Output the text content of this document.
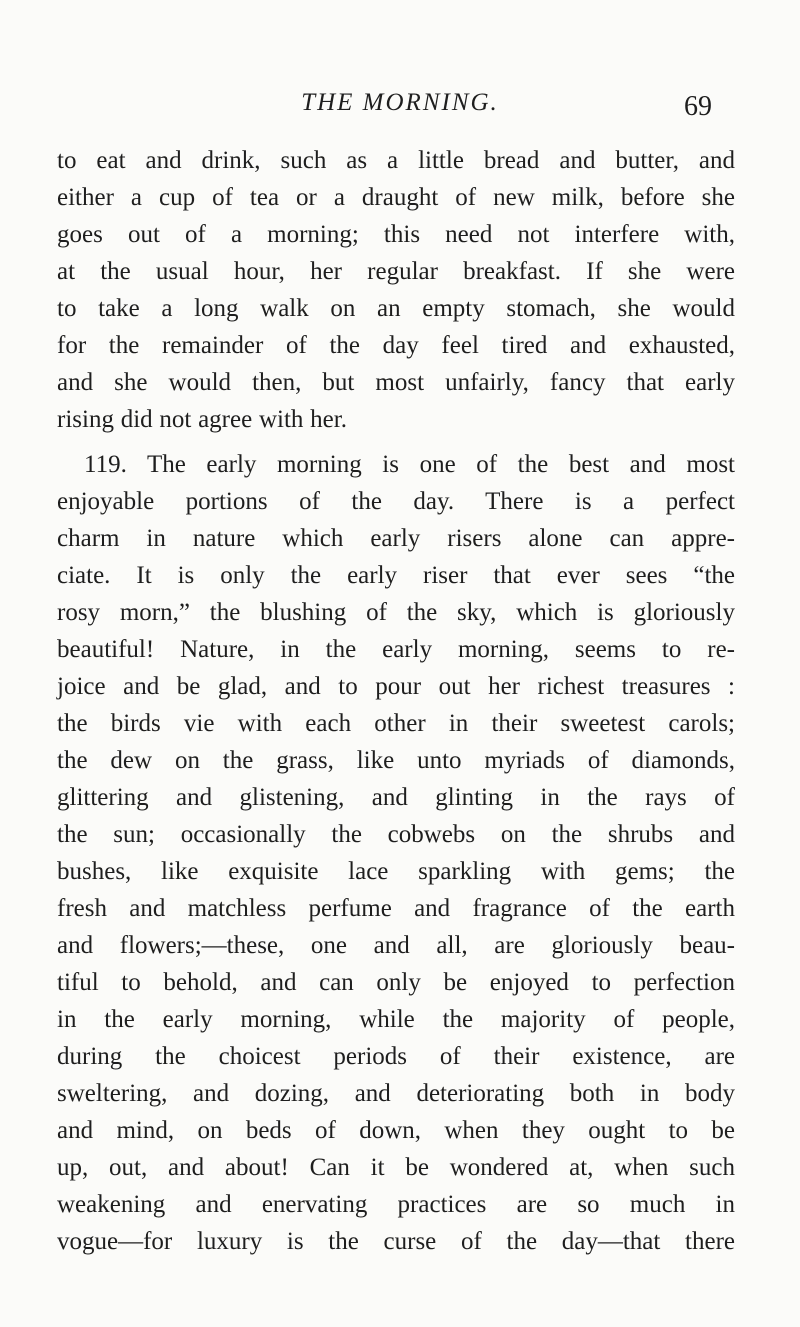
THE MORNING.	69
to eat and drink, such as a little bread and butter, and
either a cup of tea or a draught of new milk, before she
goes out of a morning; this need not interfere with,
at the usual hour, her regular breakfast. If she were
to take a long walk on an empty stomach, she would
for the remainder of the day feel tired and exhausted,
and she would then, but most unfairly, fancy that early
rising did not agree with her.
119. The early morning is one of the best and most
enjoyable portions of the day. There is a perfect
charm in nature which early risers alone can appre-
ciate. It is only the early riser that ever sees “the
rosy morn,” the blushing of the sky, which is gloriously
beautiful! Nature, in the early morning, seems to re-
joice and be glad, and to pour out her richest treasures :
the birds vie with each other in their sweetest carols;
the dew on the grass, like unto myriads of diamonds,
glittering and glistening, and glinting in the rays of
the sun; occasionally the cobwebs on the shrubs and
bushes, like exquisite lace sparkling with gems; the
fresh and matchless perfume and fragrance of the earth
and flowers;—these, one and all, are gloriously beau-
tiful to behold, and can only be enjoyed to perfection
in the early morning, while the majority of people,
during the choicest periods of their existence, are
sweltering, and dozing, and deteriorating both in body
and mind, on beds of down, when they ought to be
up, out, and about! Can it be wondered at, when such
weakening and enervating practices are so much in
vogue—for luxury is the curse of the day—that there
